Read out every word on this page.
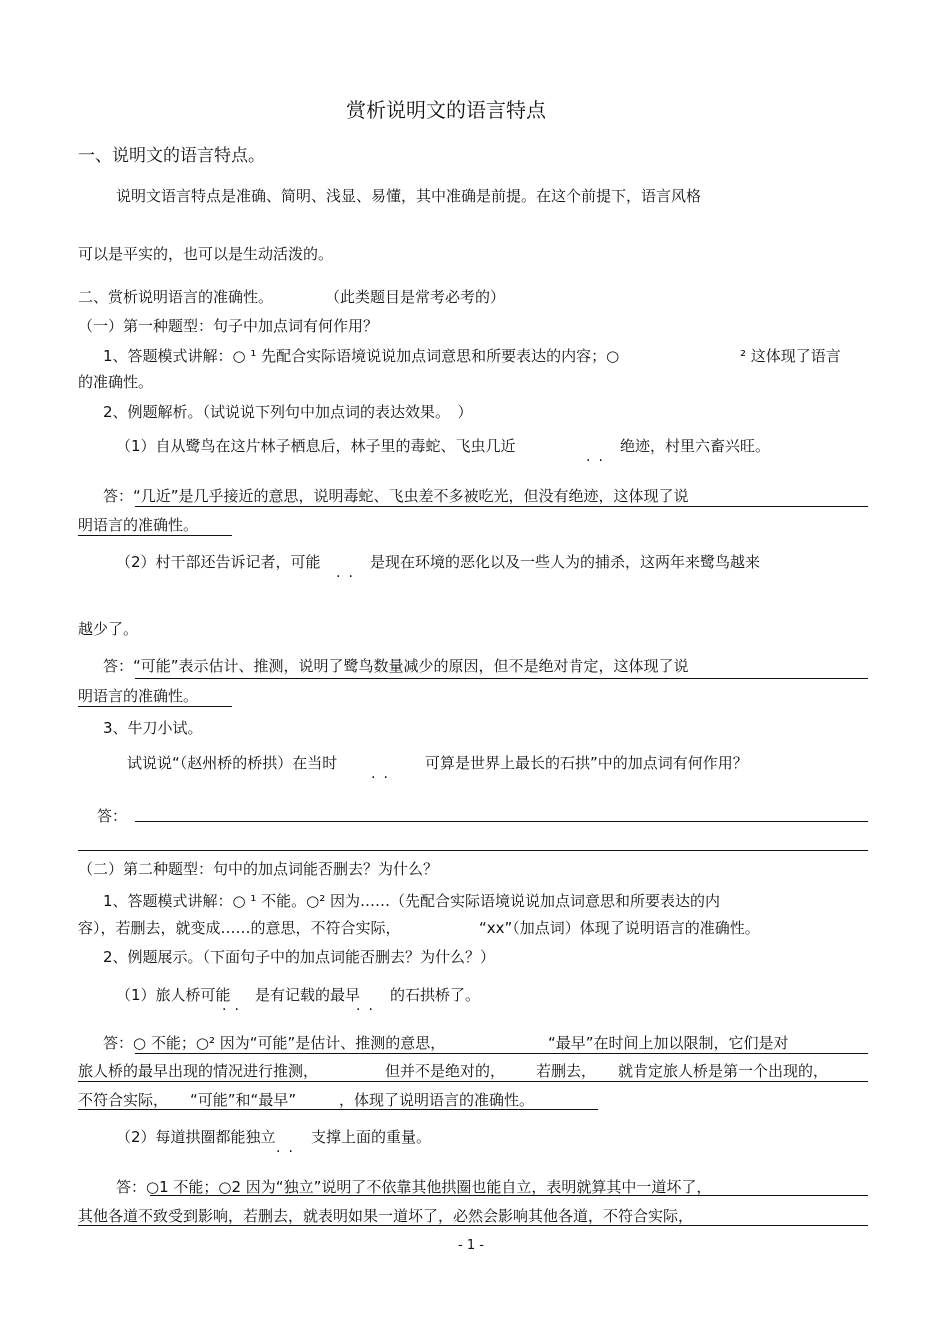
赏析说明文的语言特点
一、说明文的语言特点。
说明文语言特点是准确、简明、浅显、易懂，其中准确是前提。在这个前提下，语言风格
可以是平实的，也可以是生动活泼的。
二、赏析说明语言的准确性。	（此类题目是常考必考的）
（一）第一种题型：句子中加点词有何作用？
1、答题模式讲解：○ ¹ 先配合实际语境说说加点词意思和所要表达的内容；○	² 这体现了语言
的准确性。
2、例题解析。（试说说下列句中加点词的表达效果。　）
（1）自从鹭鸟在这片林子栖息后，林子里的毒蛇、飞虫几近
..
绝迹，村里六畜兴旺。
答：“几近”是几乎接近的意思，说明毒蛇、飞虫差不多被吃光，但没有绝迹，这体现了说
明语言的准确性。
（2）村干部还告诉记者，可能
..
是现在环境的恶化以及一些人为的捕杀，这两年来鹭鸟越来
越少了。
答：“可能”表示估计、推测，说明了鹭鸟数量减少的原因，但不是绝对肯定，这体现了说
明语言的准确性。
3、牛刀小试。
试说说“（赵州桥的桥拱）在当时
..
可算是世界上最长的石拱”中的加点词有何作用？
答：
（二）第二种题型：句中的加点词能否删去？为什么？
1、答题模式讲解：○ ¹ 不能。○² 因为……（先配合实际语境说说加点词意思和所要表达的内
容），若删去，就变成……的意思，不符合实际，	“xx”（加点词）体现了说明语言的准确性。
2、例题展示。（下面句子中的加点词能否删去？为什么？）
（1）旅人桥可能
..
是有记载的最早
..
的石拱桥了。
答：○ 不能；○² 因为“可能”是估计、推测的意思，	“最早”在时间上加以限制，它们是对
旅人桥的最早出现的情况进行推测，	但并不是绝对的， 若删去， 就肯定旅人桥是第一个出现的，
不符合实际， “可能”和“最早”	，体现了说明语言的准确性。
（2）每道拱圈都能独立
..
支撑上面的重量。
答：○1 不能；○2 因为“独立”说明了不依靠其他拱圈也能自立，表明就算其中一道坏了，
其他各道不致受到影响，若删去，就表明如果一道坏了，必然会影响其他各道，不符合实际，
- 1 -
